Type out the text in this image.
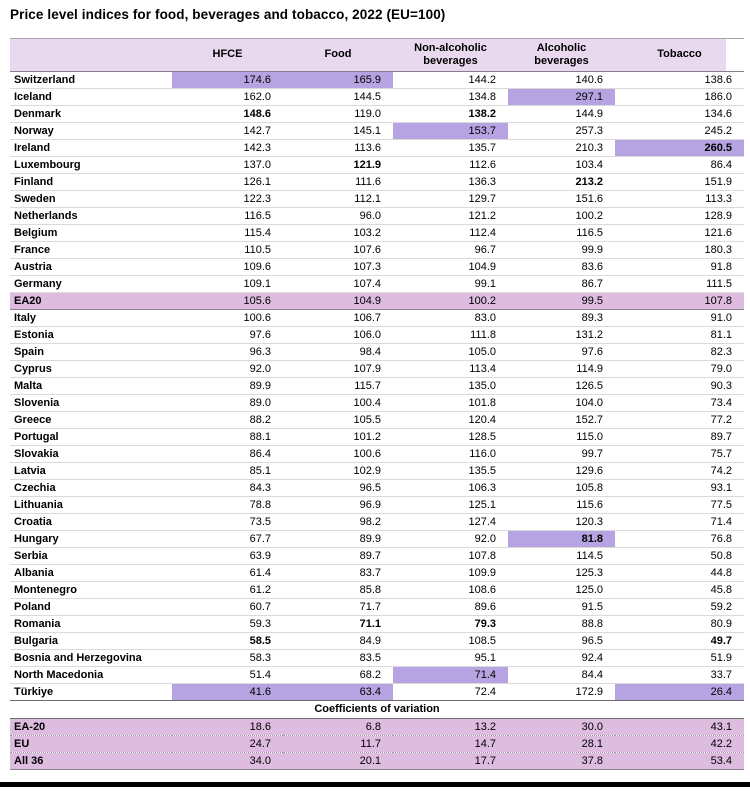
Price level indices for food, beverages and tobacco, 2022 (EU=100)
	HFCE	Food	Non-alcoholic beverages	Alcoholic beverages	Tobacco
Switzerland	174.6	165.9	144.2	140.6	138.6
Iceland	162.0	144.5	134.8	297.1	186.0
Denmark	148.6	119.0	138.2	144.9	134.6
Norway	142.7	145.1	153.7	257.3	245.2
Ireland	142.3	113.6	135.7	210.3	260.5
Luxembourg	137.0	121.9	112.6	103.4	86.4
Finland	126.1	111.6	136.3	213.2	151.9
Sweden	122.3	112.1	129.7	151.6	113.3
Netherlands	116.5	96.0	121.2	100.2	128.9
Belgium	115.4	103.2	112.4	116.5	121.6
France	110.5	107.6	96.7	99.9	180.3
Austria	109.6	107.3	104.9	83.6	91.8
Germany	109.1	107.4	99.1	86.7	111.5
EA20	105.6	104.9	100.2	99.5	107.8
Italy	100.6	106.7	83.0	89.3	91.0
Estonia	97.6	106.0	111.8	131.2	81.1
Spain	96.3	98.4	105.0	97.6	82.3
Cyprus	92.0	107.9	113.4	114.9	79.0
Malta	89.9	115.7	135.0	126.5	90.3
Slovenia	89.0	100.4	101.8	104.0	73.4
Greece	88.2	105.5	120.4	152.7	77.2
Portugal	88.1	101.2	128.5	115.0	89.7
Slovakia	86.4	100.6	116.0	99.7	75.7
Latvia	85.1	102.9	135.5	129.6	74.2
Czechia	84.3	96.5	106.3	105.8	93.1
Lithuania	78.8	96.9	125.1	115.6	77.5
Croatia	73.5	98.2	127.4	120.3	71.4
Hungary	67.7	89.9	92.0	81.8	76.8
Serbia	63.9	89.7	107.8	114.5	50.8
Albania	61.4	83.7	109.9	125.3	44.8
Montenegro	61.2	85.8	108.6	125.0	45.8
Poland	60.7	71.7	89.6	91.5	59.2
Romania	59.3	71.1	79.3	88.8	80.9
Bulgaria	58.5	84.9	108.5	96.5	49.7
Bosnia and Herzegovina	58.3	83.5	95.1	92.4	51.9
North Macedonia	51.4	68.2	71.4	84.4	33.7
Türkiye	41.6	63.4	72.4	172.9	26.4
Coefficients of variation					
EA-20	18.6	6.8	13.2	30.0	43.1
EU	24.7	11.7	14.7	28.1	42.2
All 36	34.0	20.1	17.7	37.8	53.4
